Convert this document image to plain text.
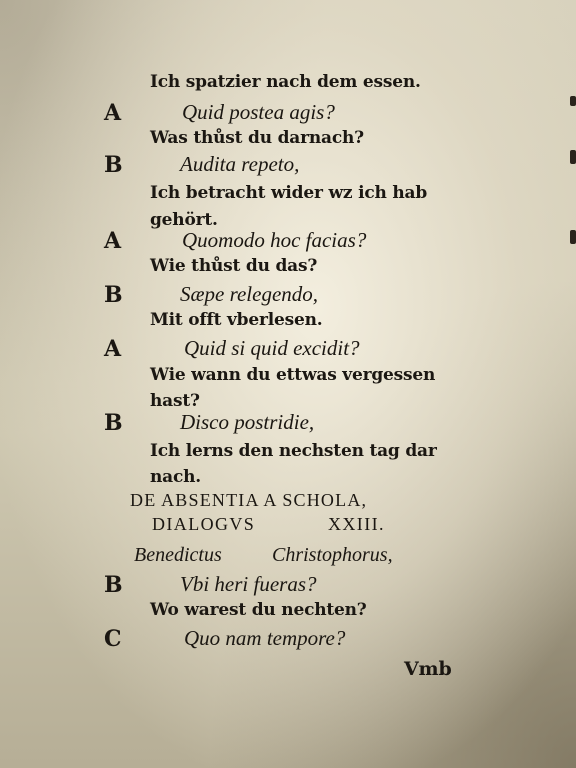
Ich spatzier nach dem essen.
A	Quid postea agis?
Was thůst du darnach?
B	Audita repeto,
Ich betracht wider wz ich hab gehört.
A	Quomodo hoc facias?
Wie thůst du das?
B	Sæpe relegendo,
Mit offt vberlesen.
A	Quid si quid excidit?
Wie wann du ettwas vergessen hast?
B	Disco postridie,
Ich lerns den nechsten tag dar nach.
DE ABSENTIA A SCHOLA,
DIALOGVS	XXIII.
Benedictus	Christophorus,
B	Vbi heri fueras?
Wo warest du nechten?
C	Quo nam tempore?
Vmb
